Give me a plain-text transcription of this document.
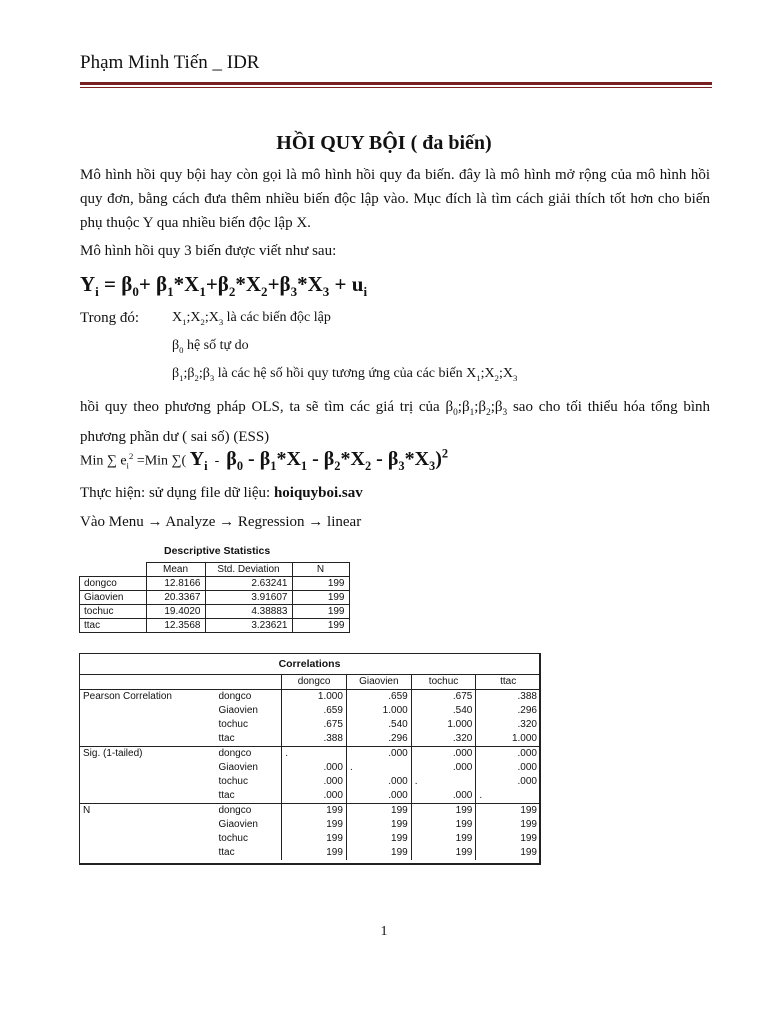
Phạm Minh Tiến _ IDR
HỒI QUY BỘI ( đa biến)
Mô hình hồi quy bội hay còn gọi là mô hình hồi quy đa biến. đây là mô hình mở rộng của mô hình hồi quy đơn, bằng cách đưa thêm nhiều biến độc lập vào. Mục đích là tìm cách giải thích tốt hơn cho biến phụ thuộc Y qua nhiều biến độc lập X.
Mô hình hồi quy 3 biến được viết như sau:
$Y_i = \beta_0+ \beta_1*X_1+\beta_2*X_2+\beta_3*X_3 + u_i$
Trong đó: $X_1;X_2;X_3$ là các biến độc lập
$\beta_0$ hệ số tự do
$\beta_1;\beta_2;\beta_3$ là các hệ số hồi quy tương ứng của các biến $X_1;X_2;X_3$
hồi quy theo phương pháp OLS, ta sẽ tìm các giá trị của $\beta_0;\beta_1;\beta_2;\beta_3$ sao cho tối thiểu hóa tổng bình phương phần dư ( sai số) (ESS)
Min ∑ $e_i^2 =Min$ ∑( $Y_i - \beta_0 - \beta_1*X_1 - \beta_2*X_2 - \beta_3*X_3)^2$
Thực hiện: sử dụng file dữ liệu: hoiquyboi.sav
Vào Menu → Analyze → Regression → linear
Descriptive Statistics
	Mean	Std. Deviation	N
dongco	12.8166	2.63241	199
Giaovien	20.3367	3.91607	199
tochuc	19.4020	4.38883	199
ttac	12.3568	3.23621	199
Correlations
		dongco	Giaovien	tochuc	ttac
Pearson Correlation	dongco	1.000	.659	.675	.388
	Giaovien	.659	1.000	.540	.296
	tochuc	.675	.540	1.000	.320
	ttac	.388	.296	.320	1.000
Sig. (1-tailed)	dongco	.	.000	.000	.000
	Giaovien	.000	.	.000	.000
	tochuc	.000	.000	.	.000
	ttac	.000	.000	.000	.
N	dongco	199	199	199	199
	Giaovien	199	199	199	199
	tochuc	199	199	199	199
	ttac	199	199	199	199
1
